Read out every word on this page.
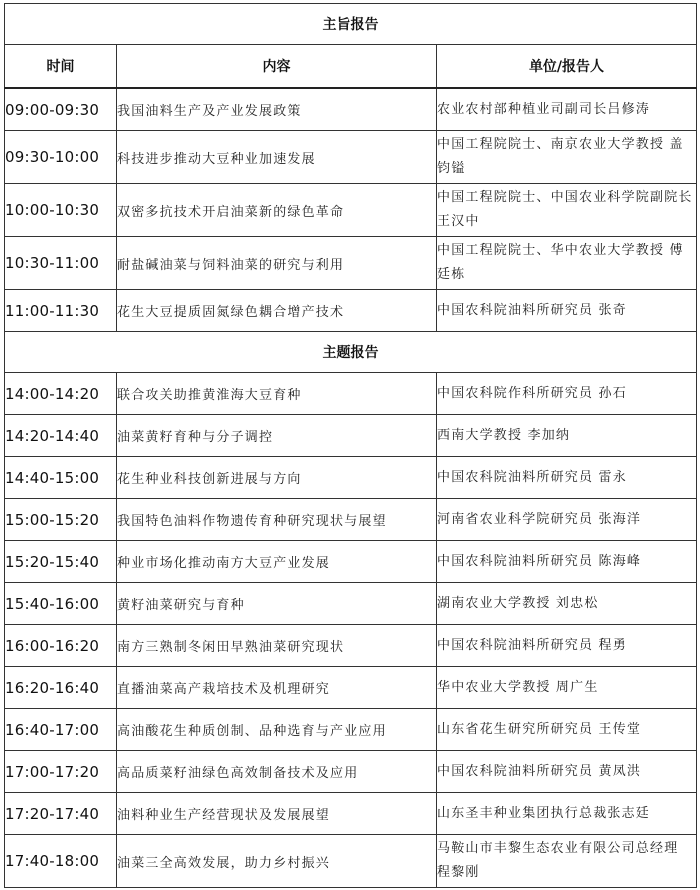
主旨报告		
时间	内容	单位/报告人
09:00-09:30	我国油料生产及产业发展政策	农业农村部种植业司副司长吕修涛
09:30-10:00	科技进步推动大豆种业加速发展	中国工程院院士、南京农业大学教授 盖钧镒
10:00-10:30	双密多抗技术开启油菜新的绿色革命	中国工程院院士、中国农业科学院副院长 王汉中
10:30-11:00	耐盐碱油菜与饲料油菜的研究与利用	中国工程院院士、华中农业大学教授 傅廷栋
11:00-11:30	花生大豆提质固氮绿色耦合增产技术	中国农科院油料所研究员 张奇
主题报告		
14:00-14:20	联合攻关助推黄淮海大豆育种	中国农科院作科所研究员 孙石
14:20-14:40	油菜黄籽育种与分子调控	西南大学教授 李加纳
14:40-15:00	花生种业科技创新进展与方向	中国农科院油料所研究员 雷永
15:00-15:20	我国特色油料作物遗传育种研究现状与展望	河南省农业科学院研究员 张海洋
15:20-15:40	种业市场化推动南方大豆产业发展	中国农科院油料所研究员 陈海峰
15:40-16:00	黄籽油菜研究与育种	湖南农业大学教授 刘忠松
16:00-16:20	南方三熟制冬闲田早熟油菜研究现状	中国农科院油料所研究员 程勇
16:20-16:40	直播油菜高产栽培技术及机理研究	华中农业大学教授 周广生
16:40-17:00	高油酸花生种质创制、品种选育与产业应用	山东省花生研究所研究员 王传堂
17:00-17:20	高品质菜籽油绿色高效制备技术及应用	中国农科院油料所研究员 黄凤洪
17:20-17:40	油料种业生产经营现状及发展展望	山东圣丰种业集团执行总裁张志廷
17:40-18:00	油菜三全高效发展，助力乡村振兴	马鞍山市丰黎生态农业有限公司总经理 程黎刚
